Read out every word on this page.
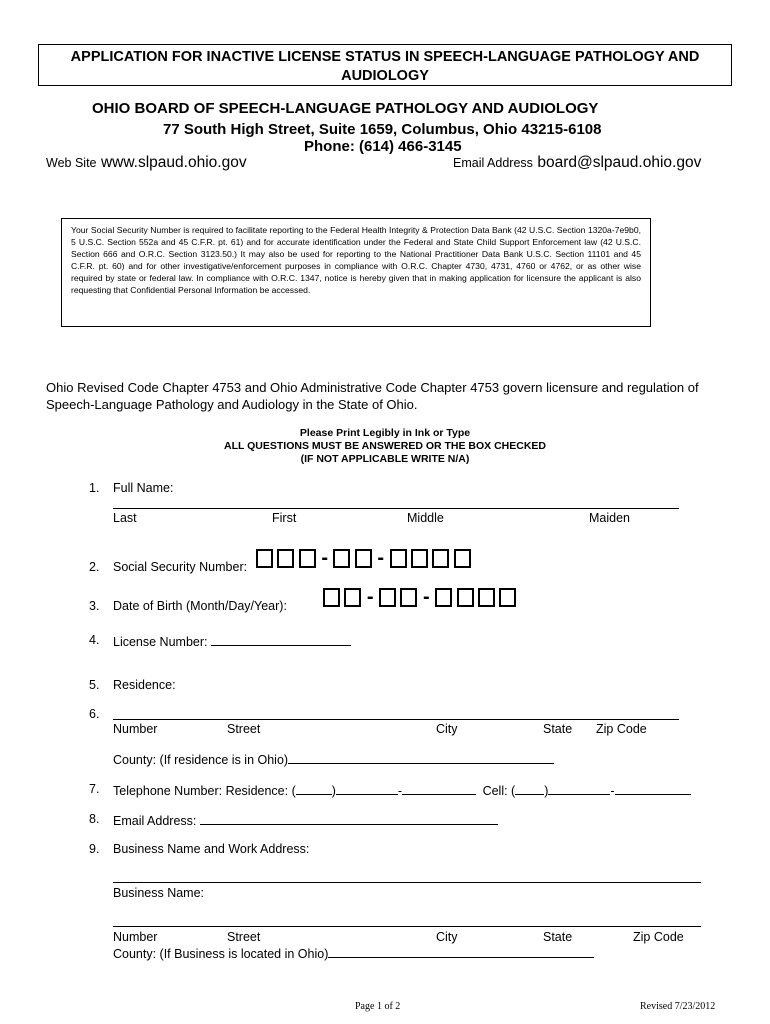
APPLICATION FOR INACTIVE LICENSE STATUS IN SPEECH-LANGUAGE PATHOLOGY AND
AUDIOLOGY
OHIO BOARD OF SPEECH-LANGUAGE PATHOLOGY AND AUDIOLOGY
77 South High Street, Suite 1659, Columbus, Ohio 43215-6108
Phone: (614) 466-3145
Web Site www.slpaud.ohio.gov	Email Address board@slpaud.ohio.gov
Your Social Security Number is required to facilitate reporting to the Federal Health Integrity & Protection Data Bank (42 U.S.C. Section 1320a-7e9b0, 5 U.S.C. Section 552a and 45 C.F.R. pt. 61) and for accurate identification under the Federal and State Child Support Enforcement law (42 U.S.C. Section 666 and O.R.C. Section 3123.50.) It may also be used for reporting to the National Practitioner Data Bank U.S.C. Section 11101 and 45 C.F.R. pt. 60) and for other investigative/enforcement purposes in compliance with O.R.C. Chapter 4730, 4731, 4760 or 4762, or as other wise required by state or federal law. In compliance with O.R.C. 1347, notice is hereby given that in making application for licensure the applicant is also requesting that Confidential Personal Information be accessed.
Ohio Revised Code Chapter 4753 and Ohio Administrative Code Chapter 4753 govern licensure and regulation of
Speech-Language Pathology and Audiology in the State of Ohio.
Please Print Legibly in Ink or Type
ALL QUESTIONS MUST BE ANSWERED OR THE BOX CHECKED
(IF NOT APPLICABLE WRITE N/A)
1. Full Name:
Last	First	Middle	Maiden
2. Social Security Number:	- -
3. Date of Birth (Month/Day/Year):	- -
4. License Number:
5. Residence:
6.
Number	Street	City	State Zip Code
County: (If residence is in Ohio)
7. Telephone Number: Residence: (	)	-	Cell: ( )	-
8. Email Address:
9. Business Name and Work Address:
Business Name:
Number	Street	City	State	Zip Code
County: (If Business is located in Ohio)
Page 1 of 2	Revised 7/23/2012
